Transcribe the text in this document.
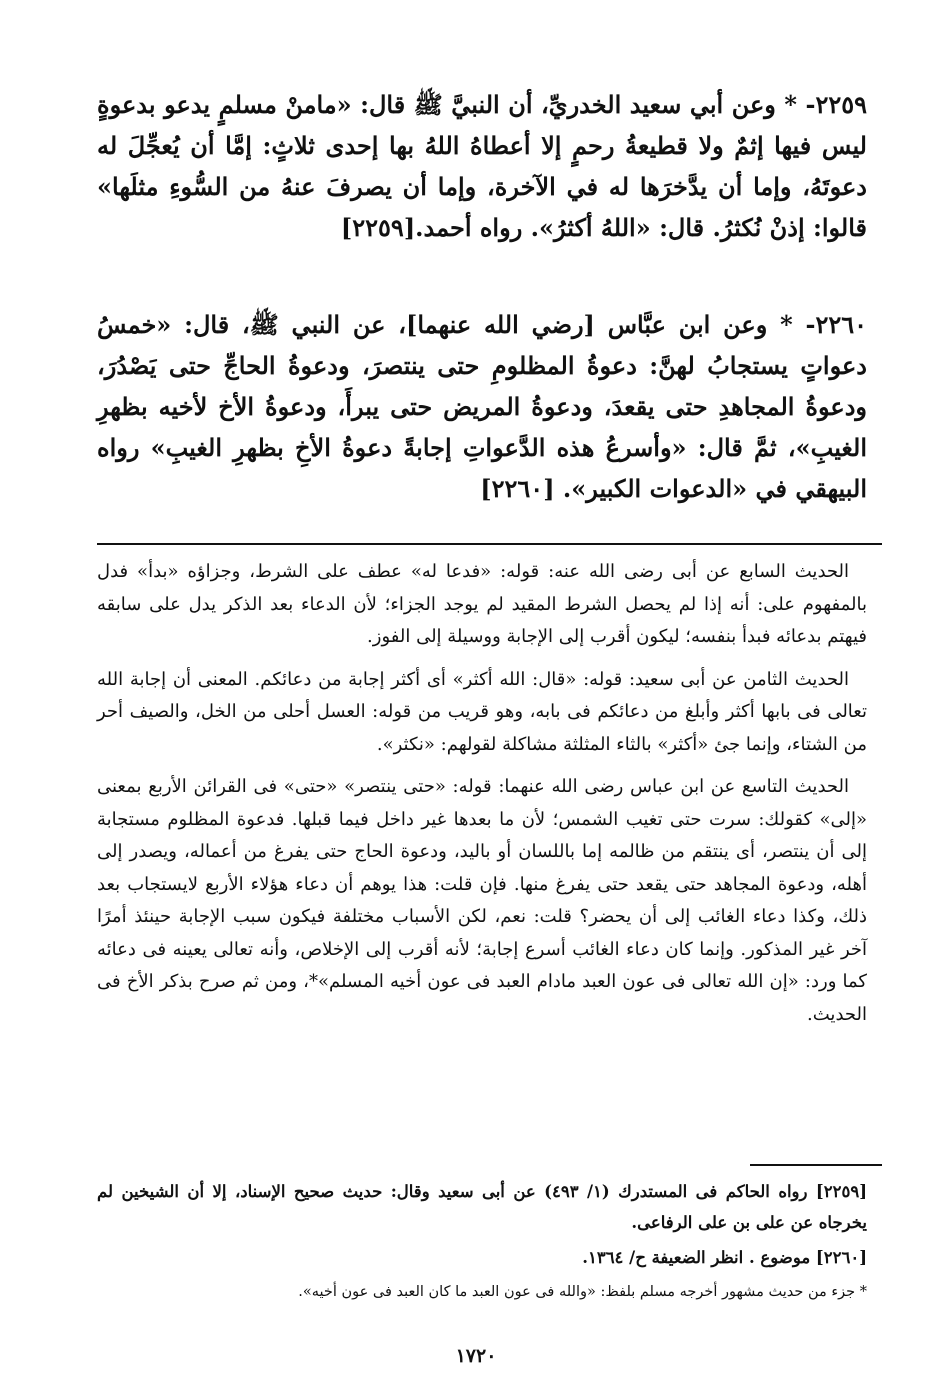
٢٢٥٩- * وعن أبي سعيد الخدريِّ، أن النبيَّ ﷺ قال: «مامنْ مسلمٍ يدعو بدعوةٍ ليس فيها إثمٌ ولا قطيعةُ رحمٍ إلا أعطاهُ اللهُ بها إحدى ثلاثٍ: إمَّا أن يُعجِّلَ له دعوتَهُ، وإما أن يدَّخرَها له في الآخرة، وإما أن يصرفَ عنهُ من السُّوءِ مثلَها» قالوا: إذنْ نُكثرُ. قال: «اللهُ أكثرُ». رواه أحمد.[٢٢٥٩]
٢٢٦٠- * وعن ابن عبَّاس [رضي الله عنهما]، عن النبي ﷺ، قال: «خمسُ دعواتٍ يستجابُ لهنَّ: دعوةُ المظلومِ حتى ينتصرَ، ودعوةُ الحاجِّ حتى يَصْدُرَ، ودعوةُ المجاهدِ حتى يقعدَ، ودعوةُ المريض حتى يبرأَ، ودعوةُ الأخ لأخيه بظهرِ الغيبِ»، ثمَّ قال: «وأسرعُ هذه الدَّعواتِ إجابةً دعوةُ الأخِ بظهرِ الغيبِ» رواه البيهقي في «الدعوات الكبير». [٢٢٦٠]

الحديث السابع عن أبى رضى الله عنه: قوله: «فدعا له» عطف على الشرط، وجزاؤه «بدأ» فدل بالمفهوم على: أنه إذا لم يحصل الشرط المقيد لم يوجد الجزاء؛ لأن الدعاء بعد الذكر يدل على سابقه فيهتم بدعائه فبدأ بنفسه؛ ليكون أقرب إلى الإجابة ووسيلة إلى الفوز.

الحديث الثامن عن أبى سعيد: قوله: «قال: الله أكثر» أى أكثر إجابة من دعائكم. المعنى أن إجابة الله تعالى فى بابها أكثر وأبلغ من دعائكم فى بابه، وهو قريب من قوله: العسل أحلى من الخل، والصيف أحر من الشتاء، وإنما جئ «أكثر» بالثاء المثلثة مشاكلة لقولهم: «نكثر».

الحديث التاسع عن ابن عباس رضى الله عنهما: قوله: «حتى ينتصر» «حتى» فى القرائن الأربع بمعنى «إلى» كقولك: سرت حتى تغيب الشمس؛ لأن ما بعدها غير داخل فيما قبلها. فدعوة المظلوم مستجابة إلى أن ينتصر، أى ينتقم من ظالمه إما باللسان أو باليد، ودعوة الحاج حتى يفرغ من أعماله، ويصدر إلى أهله، ودعوة المجاهد حتى يقعد حتى يفرغ منها. فإن قلت: هذا يوهم أن دعاء هؤلاء الأربع لايستجاب بعد ذلك، وكذا دعاء الغائب إلى أن يحضر؟ قلت: نعم، لكن الأسباب مختلفة فيكون سبب الإجابة حينئذ أمرًا آخر غير المذكور. وإنما كان دعاء الغائب أسرع إجابة؛ لأنه أقرب إلى الإخلاص، وأنه تعالى يعينه فى دعائه كما ورد: «إن الله تعالى فى عون العبد مادام العبد فى عون أخيه المسلم»*، ومن ثم صرح بذكر الأخ فى الحديث.

[٢٢٥٩] رواه الحاكم فى المستدرك (١/ ٤٩٣) عن أبى سعيد وقال: حديث صحيح الإسناد، إلا أن الشيخين لم يخرجاه عن على بن على الرفاعى.

[٢٢٦٠] موضوع . انظر الضعيفة ح/ ١٣٦٤.

* جزء من حديث مشهور أخرجه مسلم بلفظ: «والله فى عون العبد ما كان العبد فى عون أخيه».

١٧٢٠
